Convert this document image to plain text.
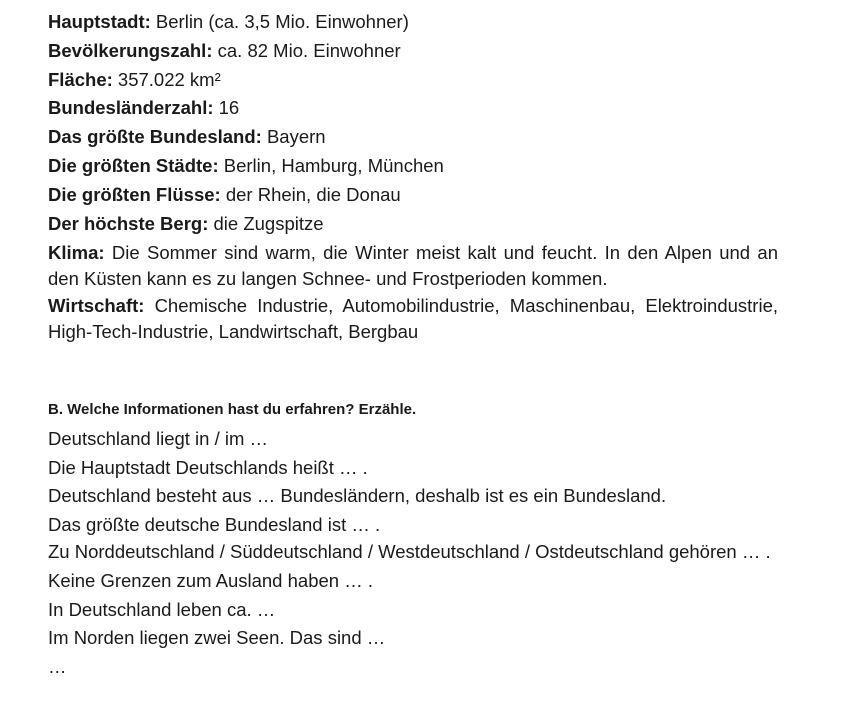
Hauptstadt: Berlin (ca. 3,5 Mio. Einwohner)

Bevölkerungszahl: ca. 82 Mio. Einwohner

Fläche: 357.022 km²

Bundesländerzahl: 16

Das größte Bundesland: Bayern

Die größten Städte: Berlin, Hamburg, München

Die größten Flüsse: der Rhein, die Donau

Der höchste Berg: die Zugspitze

Klima: Die Sommer sind warm, die Winter meist kalt und feucht. In den Alpen und an den Küsten kann es zu langen Schnee- und Frostperioden kommen.

Wirtschaft: Chemische Industrie, Automobilindustrie, Maschinenbau, Elektroindustrie, High-Tech-Industrie, Landwirtschaft, Bergbau

B. Welche Informationen hast du erfahren? Erzähle.

Deutschland liegt in / im …

Die Hauptstadt Deutschlands heißt … .

Deutschland besteht aus … Bundesländern, deshalb ist es ein Bundesland.

Das größte deutsche Bundesland ist … .

Zu Norddeutschland / Süddeutschland / Westdeutschland / Ostdeutschland gehören … .

Keine Grenzen zum Ausland haben … .

In Deutschland leben ca. …

Im Norden liegen zwei Seen. Das sind …

…
